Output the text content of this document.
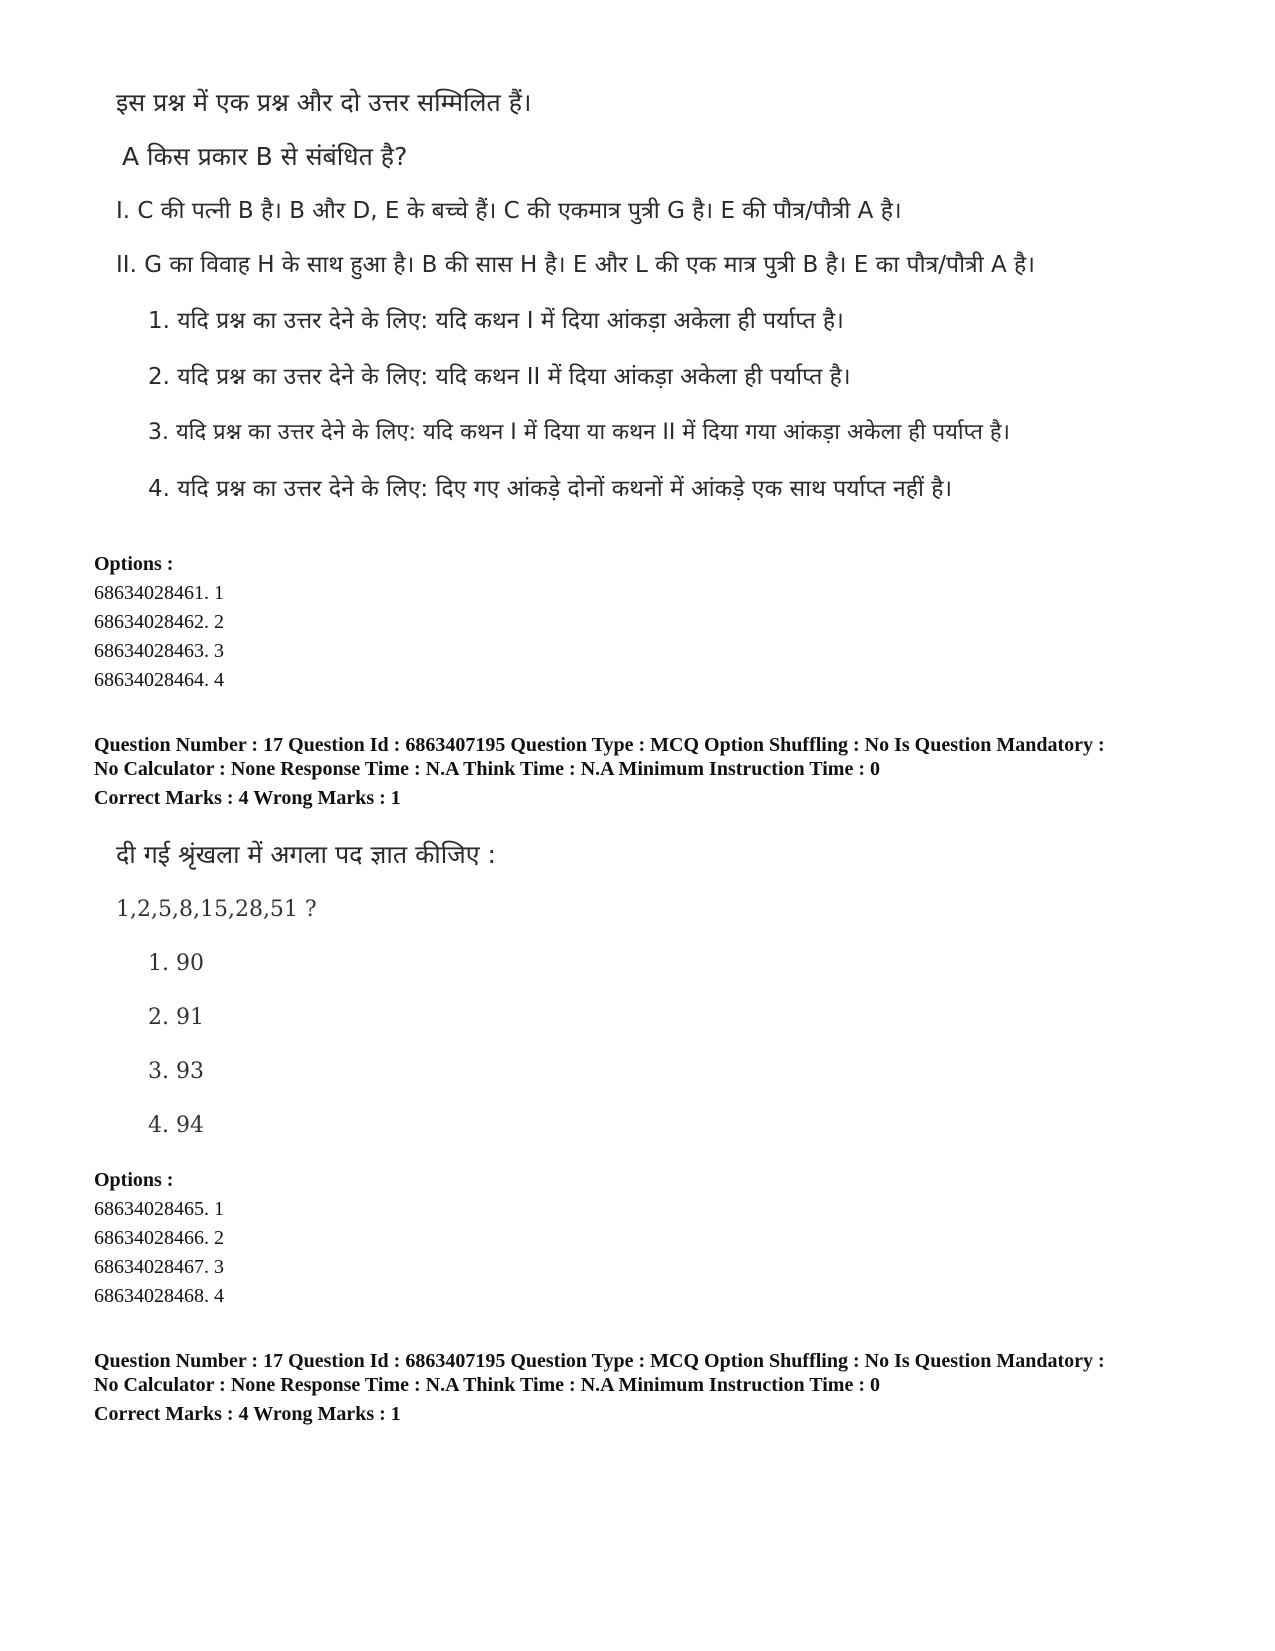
इस प्रश्न में एक प्रश्न और दो उत्तर सम्मिलित हैं।
A किस प्रकार B से संबंधित है?
I. C की पत्नी B है। B और D, E के बच्चे हैं। C की एकमात्र पुत्री G है। E की पौत्र/पौत्री A है।
II. G का विवाह H के साथ हुआ है। B की सास H है। E और L की एक मात्र पुत्री B है। E का पौत्र/पौत्री A है।
1. यदि प्रश्न का उत्तर देने के लिए: यदि कथन I में दिया आंकड़ा अकेला ही पर्याप्त है।
2. यदि प्रश्न का उत्तर देने के लिए: यदि कथन II में दिया आंकड़ा अकेला ही पर्याप्त है।
3. यदि प्रश्न का उत्तर देने के लिए: यदि कथन I में दिया या कथन II में दिया गया आंकड़ा अकेला ही पर्याप्त है।
4. यदि प्रश्न का उत्तर देने के लिए: दिए गए आंकड़े दोनों कथनों में आंकड़े एक साथ पर्याप्त नहीं है।
Options :
68634028461. 1
68634028462. 2
68634028463. 3
68634028464. 4
Question Number : 17 Question Id : 6863407195 Question Type : MCQ Option Shuffling : No Is Question Mandatory :
No Calculator : None Response Time : N.A Think Time : N.A Minimum Instruction Time : 0
Correct Marks : 4 Wrong Marks : 1
दी गई श्रृंखला में अगला पद ज्ञात कीजिए :
1,2,5,8,15,28,51 ?
1. 90
2. 91
3. 93
4. 94
Options :
68634028465. 1
68634028466. 2
68634028467. 3
68634028468. 4
Question Number : 17 Question Id : 6863407195 Question Type : MCQ Option Shuffling : No Is Question Mandatory :
No Calculator : None Response Time : N.A Think Time : N.A Minimum Instruction Time : 0
Correct Marks : 4 Wrong Marks : 1
